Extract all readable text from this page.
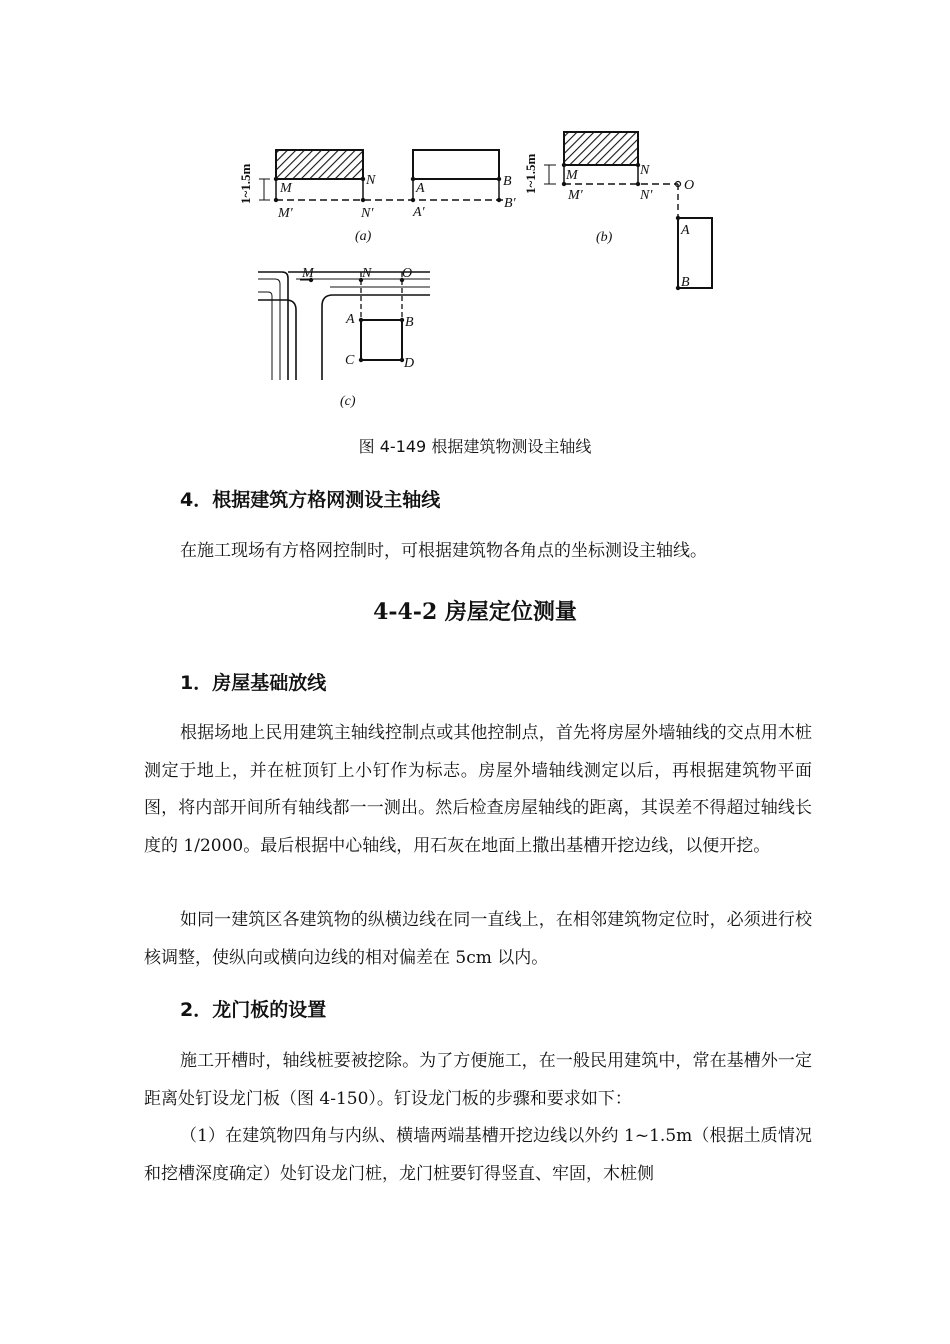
1~1.5m M
N
M′	N′
A	B
A′
B′
(a)
1~1.5m M	N
M′	N′
O
A
B
(b)
M	N O
A	B
C	D
(c)
图 4-149 根据建筑物测设主轴线
4．根据建筑方格网测设主轴线

在施工现场有方格网控制时，可根据建筑物各角点的坐标测设主轴线。

4-4-2 房屋定位测量
1．房屋基础放线

根据场地上民用建筑主轴线控制点或其他控制点，首先将房屋外墙轴线的交点用木桩测定于地上，并在桩顶钉上小钉作为标志。房屋外墙轴线测定以后，再根据建筑物平面图，将内部开间所有轴线都一一测出。然后检查房屋轴线的距离，其误差不得超过轴线长度的 1/2000。最后根据中心轴线，用石灰在地面上撒出基槽开挖边线，以便开挖。

如同一建筑区各建筑物的纵横边线在同一直线上，在相邻建筑物定位时，必须进行校核调整，使纵向或横向边线的相对偏差在 5cm 以内。

2．龙门板的设置

施工开槽时，轴线桩要被挖除。为了方便施工，在一般民用建筑中，常在基槽外一定距离处钉设龙门板（图 4-150）。钉设龙门板的步骤和要求如下：

（1）在建筑物四角与内纵、横墙两端基槽开挖边线以外约 1~1.5m（根据土质情况和挖槽深度确定）处钉设龙门桩，龙门桩要钉得竖直、牢固，木桩侧
